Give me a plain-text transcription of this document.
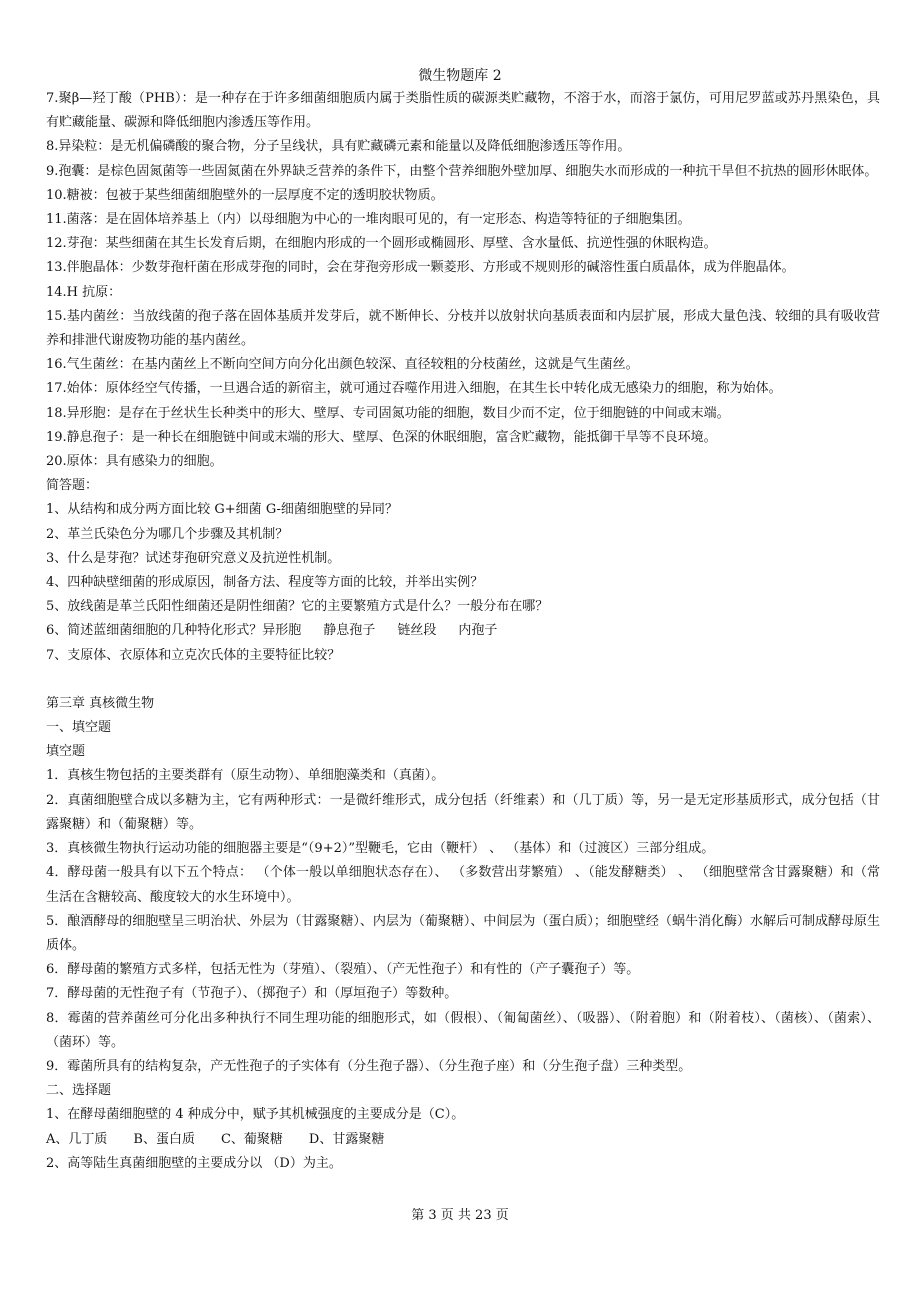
微生物题库 2

7.聚β—羟丁酸（PHB）：是一种存在于许多细菌细胞质内属于类脂性质的碳源类贮藏物，不溶于水，而溶于氯仿，可用尼罗蓝或苏丹黑染色，具有贮藏能量、碳源和降低细胞内渗透压等作用。

8.异染粒：是无机偏磷酸的聚合物，分子呈线状，具有贮藏磷元素和能量以及降低细胞渗透压等作用。

9.孢囊：是棕色固氮菌等一些固氮菌在外界缺乏营养的条件下，由整个营养细胞外壁加厚、细胞失水而形成的一种抗干旱但不抗热的圆形休眠体。

10.糖被：包被于某些细菌细胞壁外的一层厚度不定的透明胶状物质。

11.菌落：是在固体培养基上（内）以母细胞为中心的一堆肉眼可见的，有一定形态、构造等特征的子细胞集团。

12.芽孢：某些细菌在其生长发育后期，在细胞内形成的一个圆形或椭圆形、厚壁、含水量低、抗逆性强的休眠构造。

13.伴胞晶体：少数芽孢杆菌在形成芽孢的同时，会在芽孢旁形成一颗菱形、方形或不规则形的碱溶性蛋白质晶体，成为伴胞晶体。

14.H 抗原：

15.基内菌丝：当放线菌的孢子落在固体基质并发芽后，就不断伸长、分枝并以放射状向基质表面和内层扩展，形成大量色浅、较细的具有吸收营养和排泄代谢废物功能的基内菌丝。

16.气生菌丝：在基内菌丝上不断向空间方向分化出颜色较深、直径较粗的分枝菌丝，这就是气生菌丝。

17.始体：原体经空气传播，一旦遇合适的新宿主，就可通过吞噬作用进入细胞，在其生长中转化成无感染力的细胞，称为始体。

18.异形胞：是存在于丝状生长种类中的形大、壁厚、专司固氮功能的细胞，数目少而不定，位于细胞链的中间或末端。

19.静息孢子：是一种长在细胞链中间或末端的形大、壁厚、色深的休眠细胞，富含贮藏物，能抵御干旱等不良环境。

20.原体：具有感染力的细胞。

简答题：

1、从结构和成分两方面比较 G+细菌 G-细菌细胞壁的异同？

2、革兰氏染色分为哪几个步骤及其机制？

3、什么是芽孢？试述芽孢研究意义及抗逆性机制。

4、四种缺壁细菌的形成原因，制备方法、程度等方面的比较，并举出实例？

5、放线菌是革兰氏阳性细菌还是阴性细菌？它的主要繁殖方式是什么？一般分布在哪？

6、简述蓝细菌细胞的几种特化形式？异形胞 静息孢子 链丝段 内孢子

7、支原体、衣原体和立克次氏体的主要特征比较？

第三章 真核微生物

一、填空题

填空题

1．真核生物包括的主要类群有（原生动物）、单细胞藻类和（真菌）。

2．真菌细胞壁合成以多糖为主，它有两种形式：一是微纤维形式，成分包括（纤维素）和（几丁质）等，另一是无定形基质形式，成分包括（甘露聚糖）和（葡聚糖）等。

3．真核微生物执行运动功能的细胞器主要是“（9+2）”型鞭毛，它由（鞭杆） 、 （基体）和（过渡区）三部分组成。

4．酵母菌一般具有以下五个特点： （个体一般以单细胞状态存在）、 （多数营出芽繁殖） 、（能发酵糖类） 、 （细胞壁常含甘露聚糖）和（常生活在含糖较高、酸度较大的水生环境中）。

5．酿酒酵母的细胞壁呈三明治状、外层为（甘露聚糖）、内层为（葡聚糖）、中间层为（蛋白质）；细胞壁经（蜗牛消化酶）水解后可制成酵母原生质体。

6．酵母菌的繁殖方式多样，包括无性为（芽殖）、（裂殖）、（产无性孢子）和有性的（产子囊孢子）等。

7．酵母菌的无性孢子有（节孢子）、（掷孢子）和（厚垣孢子）等数种。

8．霉菌的营养菌丝可分化出多种执行不同生理功能的细胞形式，如（假根）、（匍匐菌丝）、（吸器）、（附着胞）和（附着枝）、（菌核）、（菌索）、（菌环）等。

9．霉菌所具有的结构复杂，产无性孢子的子实体有（分生孢子器）、（分生孢子座）和（分生孢子盘）三种类型。

二、选择题

1、在酵母菌细胞壁的 4 种成分中，赋予其机械强度的主要成分是（C）。

A、几丁质 B、蛋白质 C、葡聚糖 D、甘露聚糖

2、高等陆生真菌细胞壁的主要成分以 （D）为主。

第 3 页 共 23 页
